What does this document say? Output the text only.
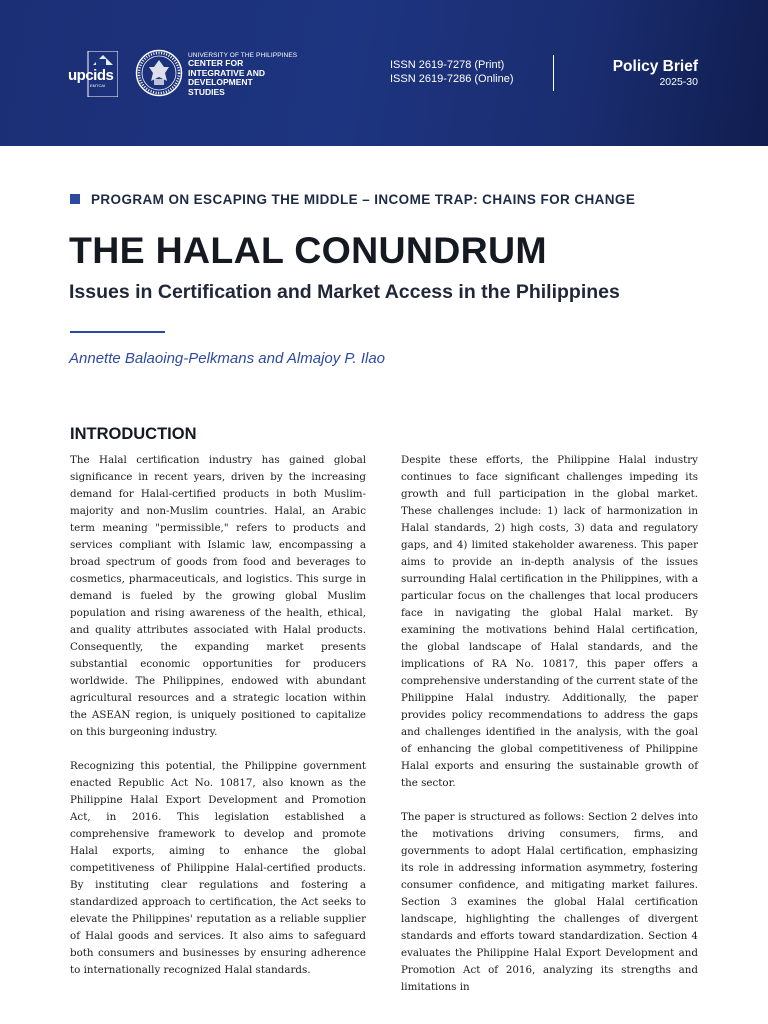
upcids
EMTCAI
UNIVERSITY OF THE PHILIPPINES
CENTER FOR
INTEGRATIVE AND
DEVELOPMENT
STUDIES
ISSN 2619-7278 (Print)
ISSN 2619-7286 (Online)
Policy Brief
2025-30
PROGRAM ON ESCAPING THE MIDDLE – INCOME TRAP: CHAINS FOR CHANGE
THE HALAL CONUNDRUM
Issues in Certification and Market Access in the Philippines
Annette Balaoing-Pelkmans and Almajoy P. Ilao
INTRODUCTION

The Halal certification industry has gained global significance in recent years, driven by the increasing demand for Halal-certified products in both Muslim-majority and non-Muslim countries. Halal, an Arabic term meaning "permissible," refers to products and services compliant with Islamic law, encompassing a broad spectrum of goods from food and beverages to cosmetics, pharmaceuticals, and logistics. This surge in demand is fueled by the growing global Muslim population and rising awareness of the health, ethical, and quality attributes associated with Halal products. Consequently, the expanding market presents substantial economic opportunities for producers worldwide. The Philippines, endowed with abundant agricultural resources and a strategic location within the ASEAN region, is uniquely positioned to capitalize on this burgeoning industry.

Recognizing this potential, the Philippine government enacted Republic Act No. 10817, also known as the Philippine Halal Export Development and Promotion Act, in 2016. This legislation established a comprehensive framework to develop and promote Halal exports, aiming to enhance the global competitiveness of Philippine Halal-certified products. By instituting clear regulations and fostering a standardized approach to certification, the Act seeks to elevate the Philippines' reputation as a reliable supplier of Halal goods and services. It also aims to safeguard both consumers and businesses by ensuring adherence to internationally recognized Halal standards.

Despite these efforts, the Philippine Halal industry continues to face significant challenges impeding its growth and full participation in the global market. These challenges include: 1) lack of harmonization in Halal standards, 2) high costs, 3) data and regulatory gaps, and 4) limited stakeholder awareness. This paper aims to provide an in-depth analysis of the issues surrounding Halal certification in the Philippines, with a particular focus on the challenges that local producers face in navigating the global Halal market. By examining the motivations behind Halal certification, the global landscape of Halal standards, and the implications of RA No. 10817, this paper offers a comprehensive understanding of the current state of the Philippine Halal industry. Additionally, the paper provides policy recommendations to address the gaps and challenges identified in the analysis, with the goal of enhancing the global competitiveness of Philippine Halal exports and ensuring the sustainable growth of the sector.

The paper is structured as follows: Section 2 delves into the motivations driving consumers, firms, and governments to adopt Halal certification, emphasizing its role in addressing information asymmetry, fostering consumer confidence, and mitigating market failures. Section 3 examines the global Halal certification landscape, highlighting the challenges of divergent standards and efforts toward standardization. Section 4 evaluates the Philippine Halal Export Development and Promotion Act of 2016, analyzing its strengths and limitations in
